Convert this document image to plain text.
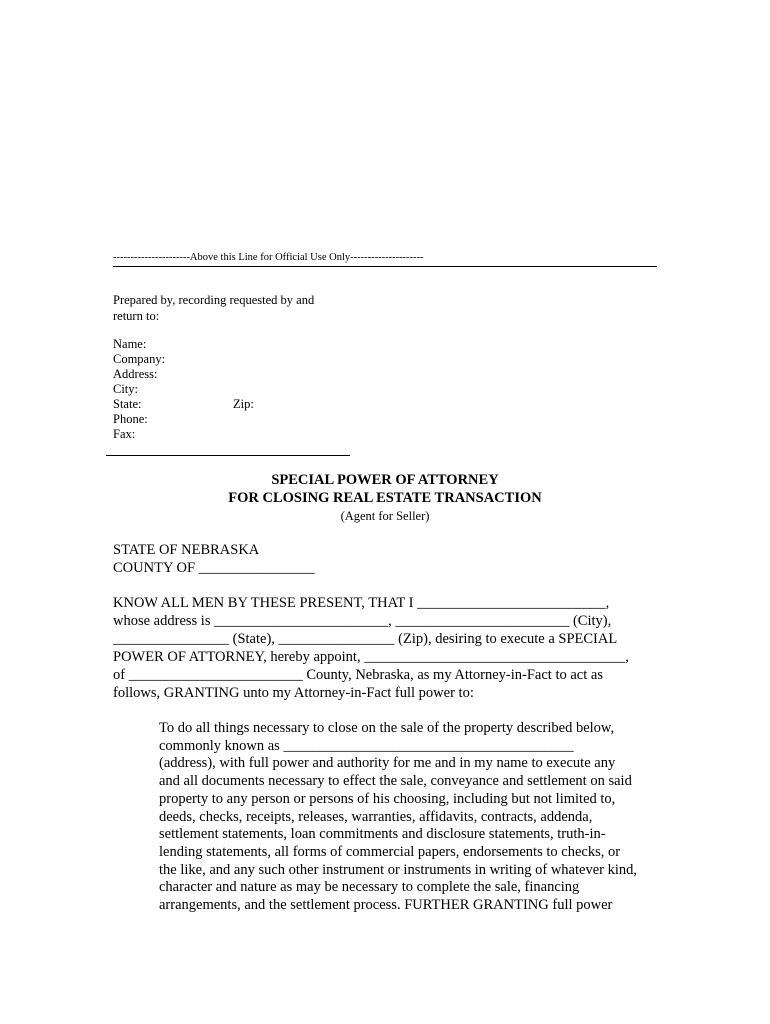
----------------------Above this Line for Official Use Only---------------------
Prepared by, recording requested by and return to:
Name:
Company:
Address:
City:
State:	Zip:
Phone:
Fax:
SPECIAL POWER OF ATTORNEY
FOR CLOSING REAL ESTATE TRANSACTION
(Agent for Seller)
STATE OF NEBRASKA
COUNTY OF ________________
KNOW ALL MEN BY THESE PRESENT, THAT I __________________________,
whose address is ________________________, ________________________ (City),
________________ (State), ________________ (Zip), desiring to execute a SPECIAL
POWER OF ATTORNEY, hereby appoint, ____________________________________,
of ________________________ County, Nebraska, as my Attorney-in-Fact to act as
follows, GRANTING unto my Attorney-in-Fact full power to:
To do all things necessary to close on the sale of the property described below,
commonly known as ________________________________________
(address), with full power and authority for me and in my name to execute any
and all documents necessary to effect the sale, conveyance and settlement on said
property to any person or persons of his choosing, including but not limited to,
deeds, checks, receipts, releases, warranties, affidavits, contracts, addenda,
settlement statements, loan commitments and disclosure statements, truth-in-
lending statements, all forms of commercial papers, endorsements to checks, or
the like, and any such other instrument or instruments in writing of whatever kind,
character and nature as may be necessary to complete the sale, financing
arrangements, and the settlement process. FURTHER GRANTING full power
